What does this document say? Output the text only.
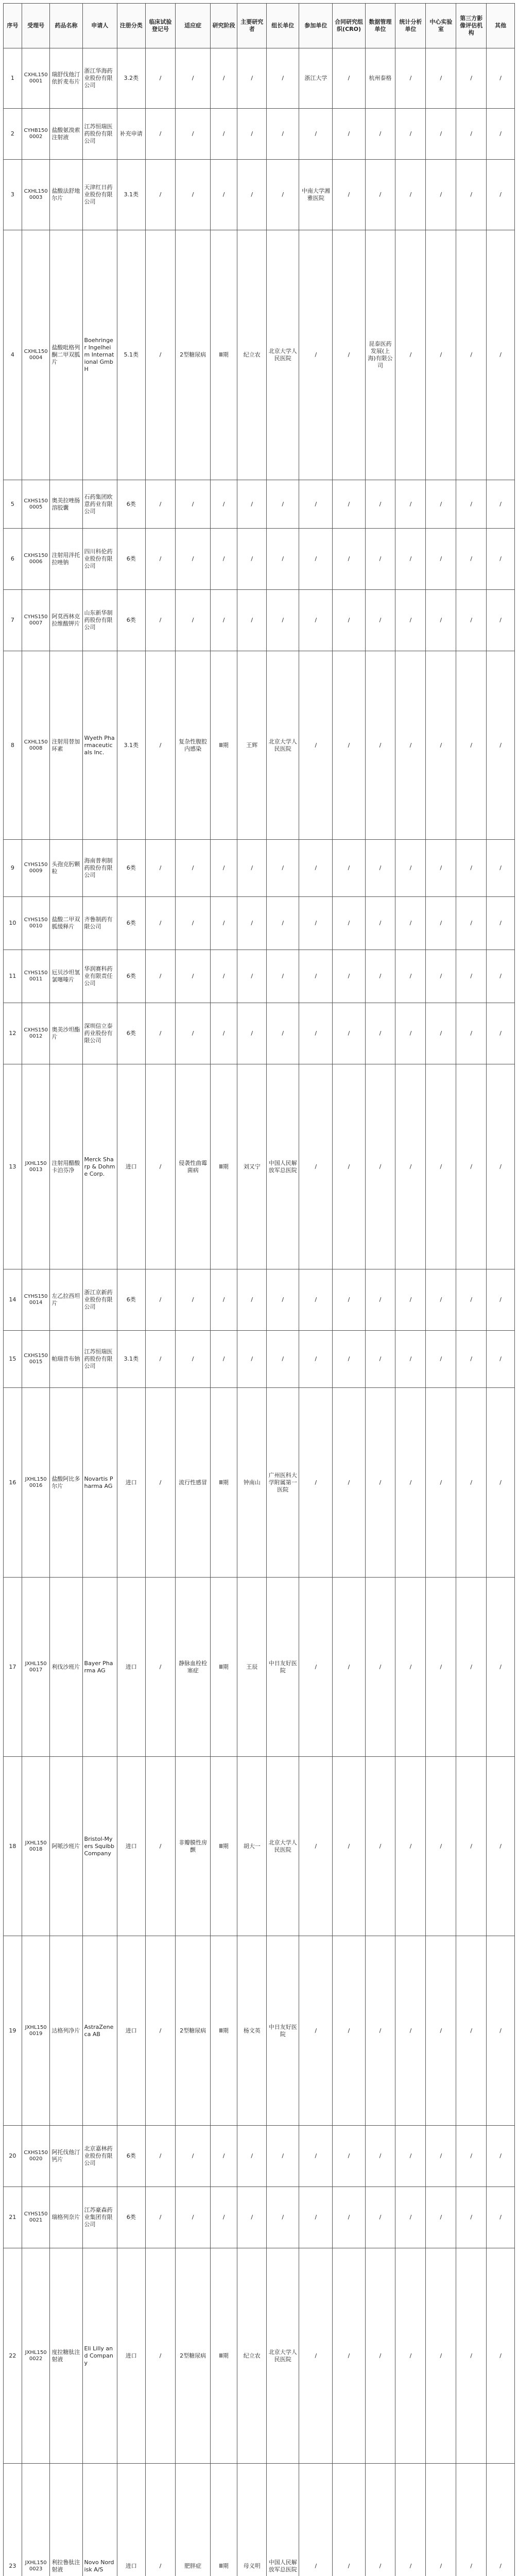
序号	受理号	药品名称	申请人	注册分类	临床试验登记号	适应症	研究阶段	主要研究者	组长单位	参加单位	合同研究组织(CRO)	数据管理单位	统计分析单位	中心实验室	第三方影像评估机构	其他
1	CXHL1500001	瑞舒伐他汀依折麦布片	浙江华海药业股份有限公司	3.2类	/	/	/	/	/	浙江大学	/	杭州泰格	/	/	/	/
2	CYHB1500002	盐酸氨溴索注射液	江苏恒瑞医药股份有限公司	补充申请	/	/	/	/	/	/	/	/	/	/	/	/
3	CXHL1500003	盐酸法舒地尔片	天津红日药业股份有限公司	3.1类	/	/	/	/	/	中南大学湘雅医院	/	/	/	/	/	/
4	CXHL1500004	盐酸吡格列酮二甲双胍片	Boehringer Ingelheim International GmbH	5.1类	/	2型糖尿病	Ⅲ期	纪立农	北京大学人民医院	/	/	昆泰医药发展(上海)有限公司	/	/	/	/
5	CXHS1500005	奥美拉唑肠溶胶囊	石药集团欧意药业有限公司	6类	/	/	/	/	/	/	/	/	/	/	/	/
6	CXHS1500006	注射用泮托拉唑钠	四川科伦药业股份有限公司	6类	/	/	/	/	/	/	/	/	/	/	/	/
7	CYHS1500007	阿莫西林克拉维酸钾片	山东新华制药股份有限公司	6类	/	/	/	/	/	/	/	/	/	/	/	/
8	CXHL1500008	注射用替加环素	Wyeth Pharmaceuticals Inc.	3.1类	/	复杂性腹腔内感染	Ⅲ期	王辉	北京大学人民医院	/	/	/	/	/	/	/
9	CYHS1500009	头孢克肟颗粒	海南普利制药股份有限公司	6类	/	/	/	/	/	/	/	/	/	/	/	/
10	CYHS1500010	盐酸二甲双胍缓释片	齐鲁制药有限公司	6类	/	/	/	/	/	/	/	/	/	/	/	/
11	CYHS1500011	厄贝沙坦氢氯噻嗪片	华润赛科药业有限责任公司	6类	/	/	/	/	/	/	/	/	/	/	/	/
12	CXHS1500012	奥美沙坦酯片	深圳信立泰药业股份有限公司	6类	/	/	/	/	/	/	/	/	/	/	/	/
13	JXHL1500013	注射用醋酸卡泊芬净	Merck Sharp & Dohme Corp.	进口	/	侵袭性曲霉菌病	Ⅲ期	刘又宁	中国人民解放军总医院	/	/	/	/	/	/	/
14	CYHS1500014	左乙拉西坦片	浙江京新药业股份有限公司	6类	/	/	/	/	/	/	/	/	/	/	/	/
15	CXHS1500015	帕瑞昔布钠	江苏恒瑞医药股份有限公司	3.1类	/	/	/	/	/	/	/	/	/	/	/	/
16	JXHL1500016	盐酸阿比多尔片	Novartis Pharma AG	进口	/	流行性感冒	Ⅲ期	钟南山	广州医科大学附属第一医院	/	/	/	/	/	/	/
17	JXHL1500017	利伐沙班片	Bayer Pharma AG	进口	/	静脉血栓栓塞症	Ⅲ期	王辰	中日友好医院	/	/	/	/	/	/	/
18	JXHL1500018	阿哌沙班片	Bristol-Myers Squibb Company	进口	/	非瓣膜性房颤	Ⅲ期	胡大一	北京大学人民医院	/	/	/	/	/	/	/
19	JXHL1500019	达格列净片	AstraZeneca AB	进口	/	2型糖尿病	Ⅲ期	杨文英	中日友好医院	/	/	/	/	/	/	/
20	CXHS1500020	阿托伐他汀钙片	北京嘉林药业股份有限公司	6类	/	/	/	/	/	/	/	/	/	/	/	/
21	CYHS1500021	瑞格列奈片	江苏豪森药业集团有限公司	6类	/	/	/	/	/	/	/	/	/	/	/	/
22	JXHL1500022	度拉糖肽注射液	Eli Lilly and Company	进口	/	2型糖尿病	Ⅲ期	纪立农	北京大学人民医院	/	/	/	/	/	/	/
23	JXHL1500023	利拉鲁肽注射液	Novo Nordisk A/S	进口	/	肥胖症	Ⅲ期	母义明	中国人民解放军总医院	/	/	/	/	/	/	/
